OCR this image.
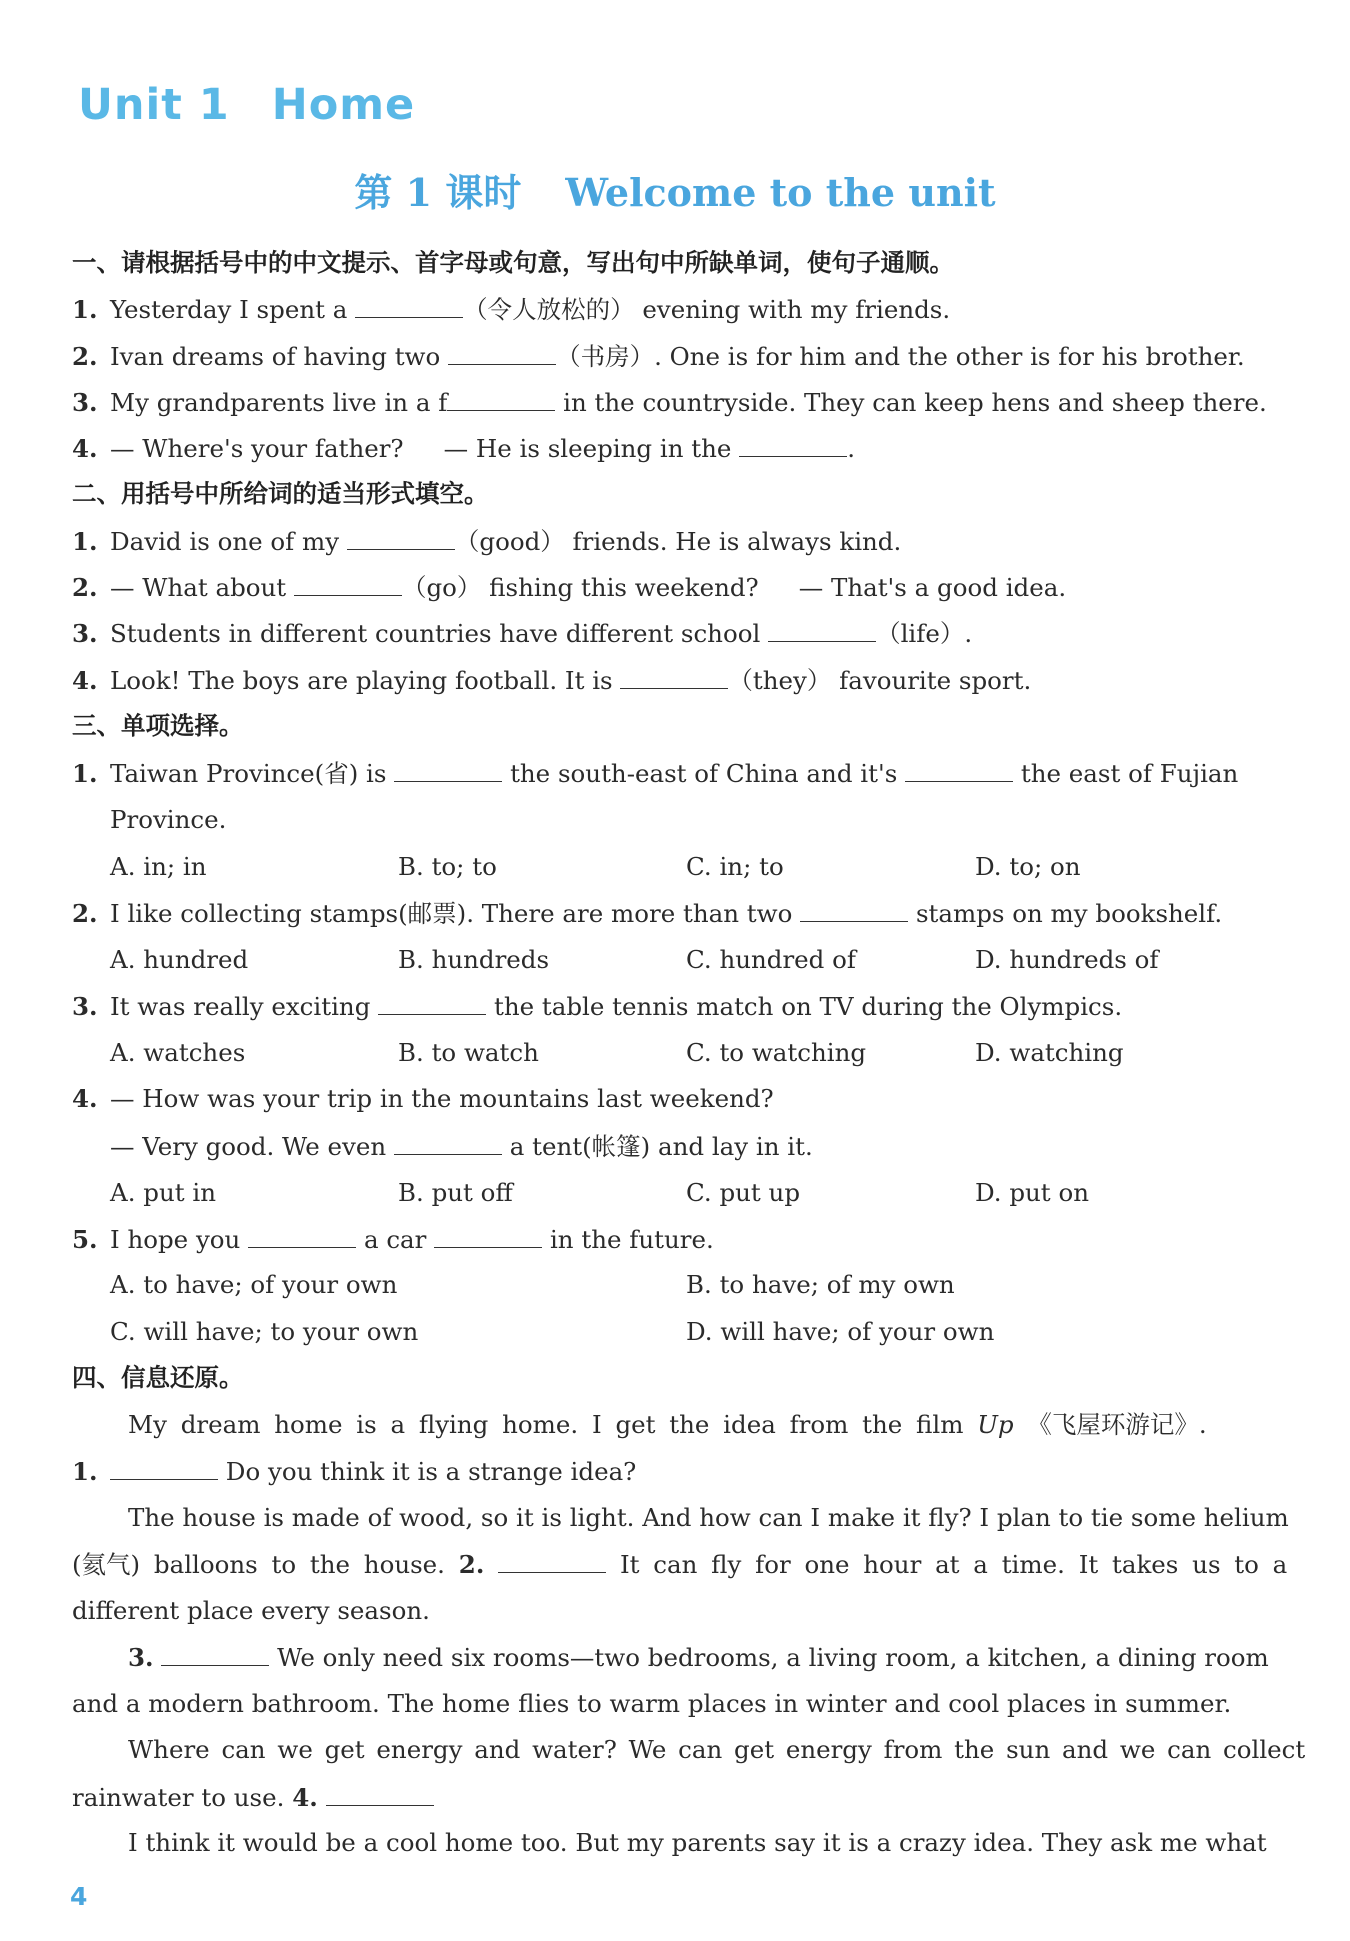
Unit 1 Home
第 1 课时 Welcome to the unit
一、请根据括号中的中文提示、首字母或句意，写出句中所缺单词，使句子通顺。
1. Yesterday I spent a	（令人放松的） evening with my friends.
2. Ivan dreams of having two	（书房）. One is for him and the other is for his brother.
3. My grandparents live in a f	in the countryside. They can keep hens and sheep there.
4. — Where's your father? — He is sleeping in the	.
二、用括号中所给词的适当形式填空。
1. David is one of my	（good） friends. He is always kind.
2. — What about	（go） fishing this weekend? — That's a good idea.
3. Students in different countries have different school	（life）.
4. Look! The boys are playing football. It is	（they） favourite sport.
三、单项选择。
1. Taiwan Province(省) is	the south-east of China and it's	the east of Fujian
Province.
A. in; in	B. to; to	C. in; to	D. to; on
2. I like collecting stamps(邮票). There are more than two	stamps on my bookshelf.
A. hundred	B. hundreds	C. hundred of	D. hundreds of
3. It was really exciting	the table tennis match on TV during the Olympics.
A. watches	B. to watch	C. to watching	D. watching
4. — How was your trip in the mountains last weekend?
— Very good. We even	a tent(帐篷) and lay in it.
A. put in	B. put off	C. put up	D. put on
5. I hope you	a car	in the future.
A. to have; of your own	B. to have; of my own
C. will have; to your own	D. will have; of your own
四、信息还原。
My dream home is a flying home. I get the idea from the film Up 《飞屋环游记》.
1.	Do you think it is a strange idea?
The house is made of wood, so it is light. And how can I make it fly? I plan to tie some helium
(氦气) balloons to the house. 2.	It can fly for one hour at a time. It takes us to a
different place every season.
3.	We only need six rooms—two bedrooms, a living room, a kitchen, a dining room
and a modern bathroom. The home flies to warm places in winter and cool places in summer.
Where can we get energy and water? We can get energy from the sun and we can collect
rainwater to use. 4.
I think it would be a cool home too. But my parents say it is a crazy idea. They ask me what
4
